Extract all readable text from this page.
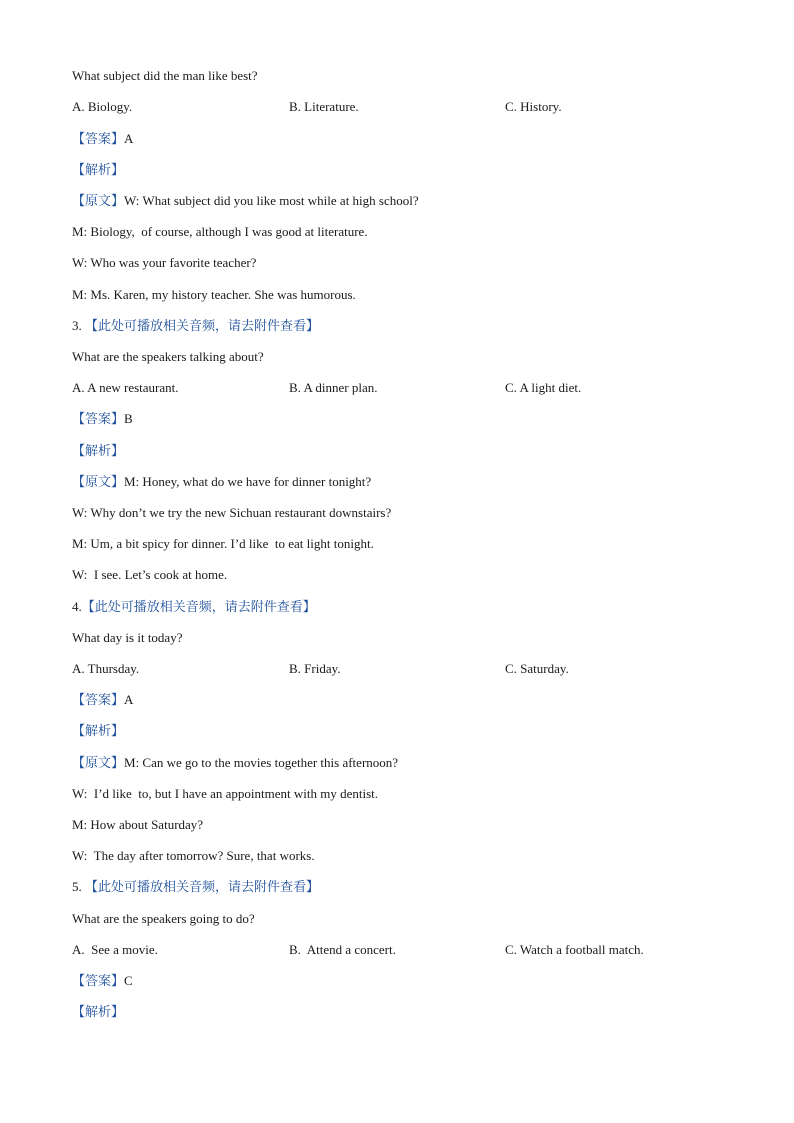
What subject did the man like best?
A. Biology.	B. Literature.	C. History.
【答案】A
【解析】
【原文】W: What subject did you like most while at high school?
M: Biology,  of course, although I was good at literature.
W: Who was your favorite teacher?
M: Ms. Karen, my history teacher. She was humorous.
3. 【此处可播放相关音频，请去附件查看】
What are the speakers talking about?
A. A new restaurant.	B. A dinner plan.	C. A light diet.
【答案】B
【解析】
【原文】M: Honey, what do we have for dinner tonight?
W: Why don’t we try the new Sichuan restaurant downstairs?
M: Um, a bit spicy for dinner. I’d like  to eat light tonight.
W:  I see. Let’s cook at home.
4.【此处可播放相关音频，请去附件查看】
What day is it today?
A. Thursday.	B. Friday.	C. Saturday.
【答案】A
【解析】
【原文】M: Can we go to the movies together this afternoon?
W:  I’d like  to, but I have an appointment with my dentist.
M: How about Saturday?
W:  The day after tomorrow? Sure, that works.
5. 【此处可播放相关音频，请去附件查看】
What are the speakers going to do?
A.  See a movie.	B.  Attend a concert.	C. Watch a football match.
【答案】C
【解析】
